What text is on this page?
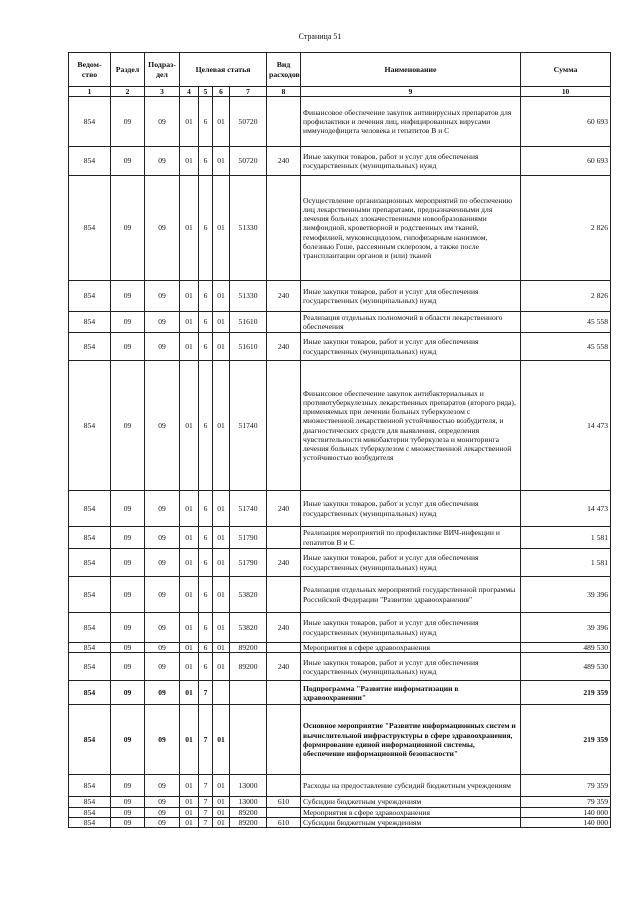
Страница 51
Ведом-ство	Раздел	Подраз-дел	Целевая статья				Вид расходов	Наименование	Сумма
1	2	3	4	5	6	7	8	9	10
854	09	09	01	6	01	50720		Финансовое обеспечение закупок антивирусных препаратов для профилактики и лечения лиц, инфицированных вирусами иммунодефицита человека и гепатитов В и С	60 693
854	09	09	01	6	01	50720	240	Иные закупки товаров, работ и услуг для обеспечения государственных (муниципальных) нужд	60 693
854	09	09	01	6	01	51330		Осуществление организационных мероприятий по обеспечению лиц лекарственными препаратами, предназначенными для лечения больных злокачественными новообразованиями лимфоидной, кроветворной и родственных им тканей, гемофилией, муковисцидозом, гипофизарным нанизмом, болезнью Гоше, рассеянным склерозом, а также после трансплантации органов и (или) тканей	2 826
854	09	09	01	6	01	51330	240	Иные закупки товаров, работ и услуг для обеспечения государственных (муниципальных) нужд	2 826
854	09	09	01	6	01	51610		Реализация отдельных полномочий в области лекарственного обеспечения	45 558
854	09	09	01	6	01	51610	240	Иные закупки товаров, работ и услуг для обеспечения государственных (муниципальных) нужд	45 558
854	09	09	01	6	01	51740		Финансовое обеспечение закупок антибактериальных и противотуберкулезных лекарственных препаратов (второго ряда), применяемых при лечении больных туберкулезом с множественной лекарственной устойчивостью возбудителя, и диагностических средств для выявления, определения чувствительности микобактерии туберкулеза и мониторинга лечения больных туберкулезом с множественной лекарственной устойчивостью возбудителя	14 473
854	09	09	01	6	01	51740	240	Иные закупки товаров, работ и услуг для обеспечения государственных (муниципальных) нужд	14 473
854	09	09	01	6	01	51790		Реализация мероприятий по профилактике ВИЧ-инфекции и гепатитов В и С	1 581
854	09	09	01	6	01	51790	240	Иные закупки товаров, работ и услуг для обеспечения государственных (муниципальных) нужд	1 581
854	09	09	01	6	01	53820		Реализация отдельных мероприятий государственной программы Российской Федерации "Развитие здравоохранения"	39 396
854	09	09	01	6	01	53820	240	Иные закупки товаров, работ и услуг для обеспечения государственных (муниципальных) нужд	39 396
854	09	09	01	6	01	89200		Мероприятия в сфере здравоохранения	489 530
854	09	09	01	6	01	89200	240	Иные закупки товаров, работ и услуг для обеспечения государственных (муниципальных) нужд	489 530
854	09	09	01	7				Подпрограмма "Развитие информатизации в здравоохранении"	219 359
854	09	09	01	7	01			Основное мероприятие "Развитие информационных систем и вычислительной инфраструктуры в сфере здравоохранения, формирование единой информационной системы, обеспечение информационной безопасности"	219 359
854	09	09	01	7	01	13000		Расходы на предоставление субсидий бюджетным учреждениям	79 359
854	09	09	01	7	01	13000	610	Субсидии бюджетным учреждениям	79 359
854	09	09	01	7	01	89200		Мероприятия в сфере здравоохранения	140 000
854	09	09	01	7	01	89200	610	Субсидии бюджетным учреждениям	140 000
